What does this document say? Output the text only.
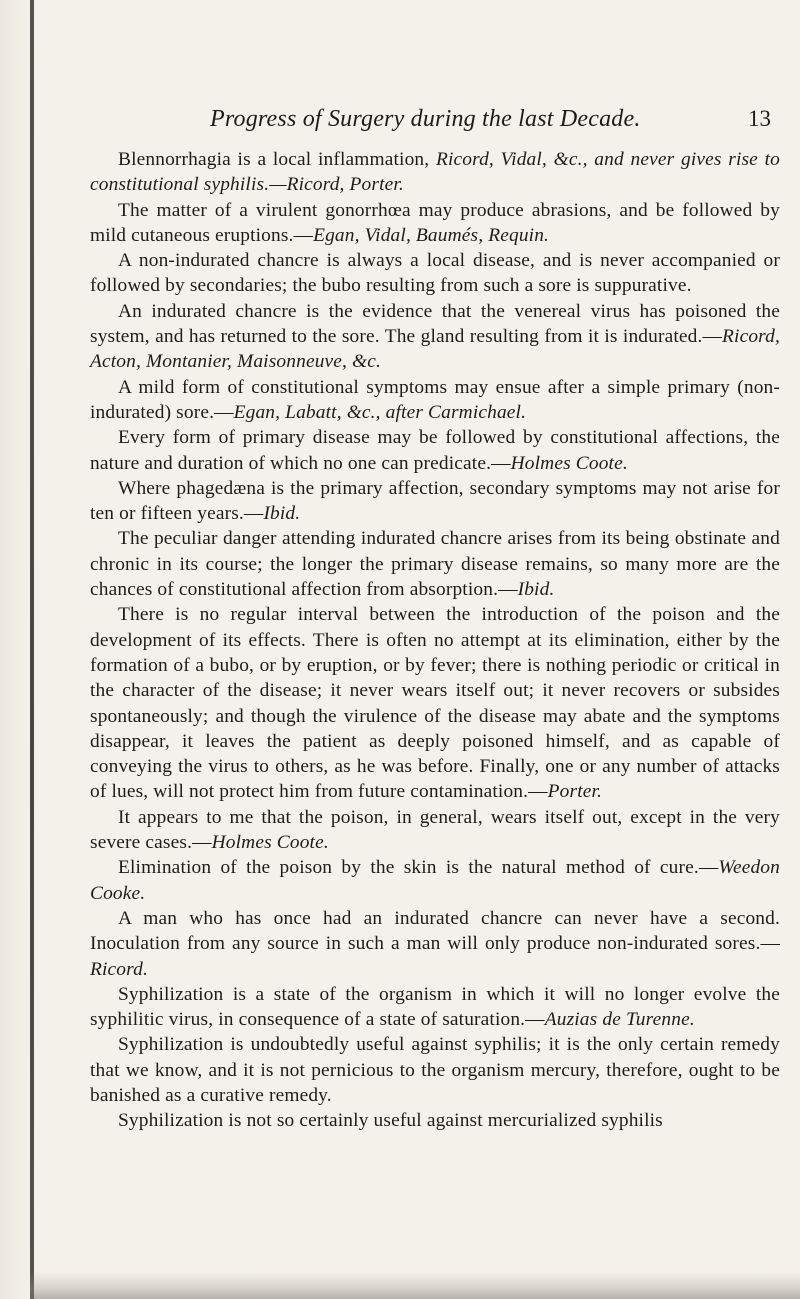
Progress of Surgery during the last Decade.	13

Blennorrhagia is a local inflammation, Ricord, Vidal, &c., and never gives rise to constitutional syphilis.—Ricord, Porter.

The matter of a virulent gonorrhœa may produce abrasions, and be followed by mild cutaneous eruptions.—Egan, Vidal, Baumés, Requin.

A non-indurated chancre is always a local disease, and is never accompanied or followed by secondaries; the bubo resulting from such a sore is suppurative.

An indurated chancre is the evidence that the venereal virus has poisoned the system, and has returned to the sore. The gland resulting from it is indurated.—Ricord, Acton, Montanier, Maisonneuve, &c.

A mild form of constitutional symptoms may ensue after a simple primary (non-indurated) sore.—Egan, Labatt, &c., after Carmichael.

Every form of primary disease may be followed by constitutional affections, the nature and duration of which no one can predicate.—Holmes Coote.

Where phagedæna is the primary affection, secondary symptoms may not arise for ten or fifteen years.—Ibid.

The peculiar danger attending indurated chancre arises from its being obstinate and chronic in its course; the longer the primary disease remains, so many more are the chances of constitutional affection from absorption.—Ibid.

There is no regular interval between the introduction of the poison and the development of its effects. There is often no attempt at its elimination, either by the formation of a bubo, or by eruption, or by fever; there is nothing periodic or critical in the character of the disease; it never wears itself out; it never recovers or subsides spontaneously; and though the virulence of the disease may abate and the symptoms disappear, it leaves the patient as deeply poisoned himself, and as capable of conveying the virus to others, as he was before. Finally, one or any number of attacks of lues, will not protect him from future contamination.—Porter.

It appears to me that the poison, in general, wears itself out, except in the very severe cases.—Holmes Coote.

Elimination of the poison by the skin is the natural method of cure.—Weedon Cooke.

A man who has once had an indurated chancre can never have a second. Inoculation from any source in such a man will only produce non-indurated sores.—Ricord.

Syphilization is a state of the organism in which it will no longer evolve the syphilitic virus, in consequence of a state of saturation.—Auzias de Turenne.

Syphilization is undoubtedly useful against syphilis; it is the only certain remedy that we know, and it is not pernicious to the organism mercury, therefore, ought to be banished as a curative remedy.

Syphilization is not so certainly useful against mercurialized syphilis
